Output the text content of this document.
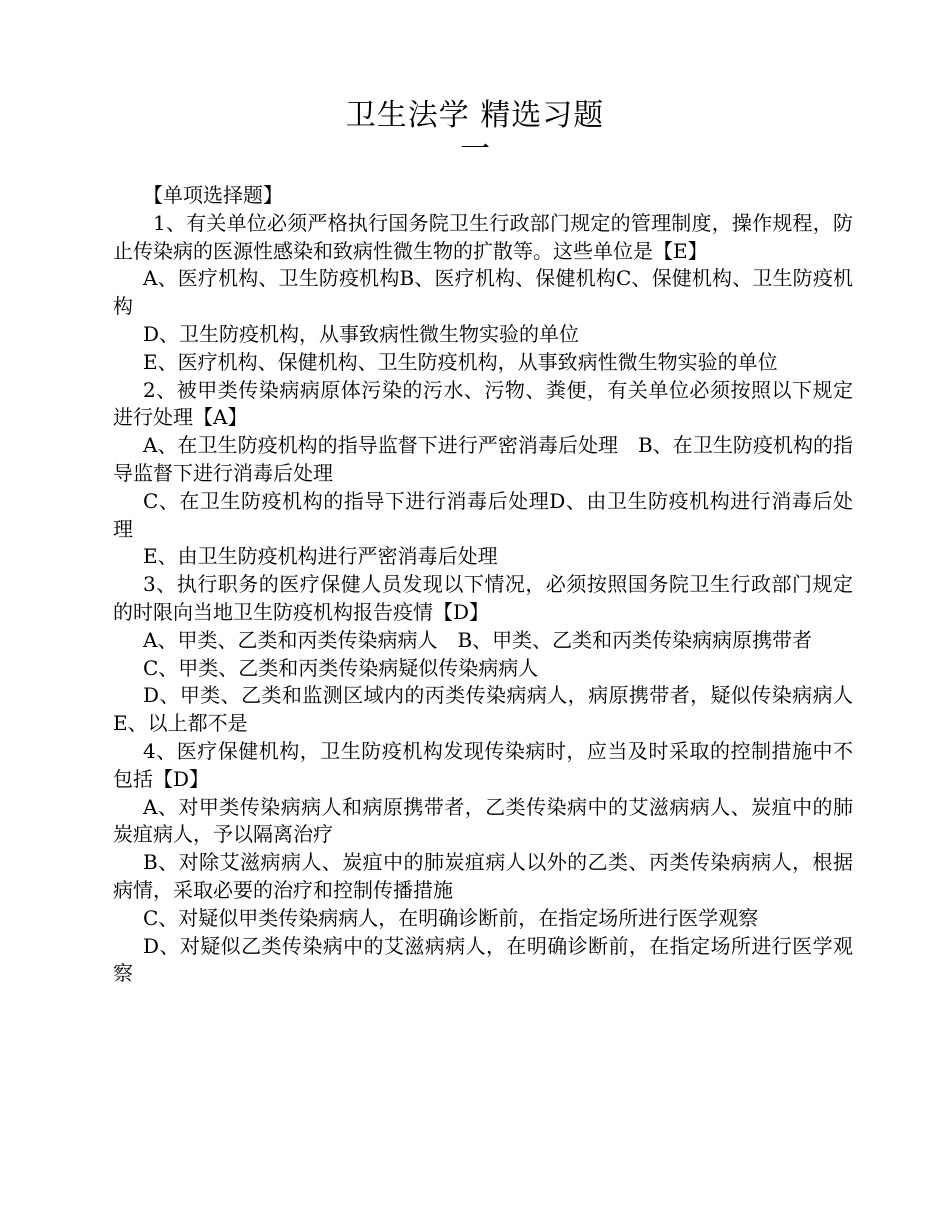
卫生法学 精选习题
一

【单项选择题】

1、有关单位必须严格执行国务院卫生行政部门规定的管理制度，操作规程，防止传染病的医源性感染和致病性微生物的扩散等。这些单位是【E】

A、医疗机构、卫生防疫机构B、医疗机构、保健机构C、保健机构、卫生防疫机构

D、卫生防疫机构，从事致病性微生物实验的单位

E、医疗机构、保健机构、卫生防疫机构，从事致病性微生物实验的单位

2、被甲类传染病病原体污染的污水、污物、粪便，有关单位必须按照以下规定进行处理【A】

A、在卫生防疫机构的指导监督下进行严密消毒后处理　B、在卫生防疫机构的指导监督下进行消毒后处理

C、在卫生防疫机构的指导下进行消毒后处理D、由卫生防疫机构进行消毒后处理

E、由卫生防疫机构进行严密消毒后处理

3、执行职务的医疗保健人员发现以下情况，必须按照国务院卫生行政部门规定的时限向当地卫生防疫机构报告疫情【D】

A、甲类、乙类和丙类传染病病人　B、甲类、乙类和丙类传染病病原携带者

C、甲类、乙类和丙类传染病疑似传染病病人

D、甲类、乙类和监测区域内的丙类传染病病人，病原携带者，疑似传染病病人　　E、以上都不是

4、医疗保健机构，卫生防疫机构发现传染病时，应当及时采取的控制措施中不包括【D】

A、对甲类传染病病人和病原携带者，乙类传染病中的艾滋病病人、炭疽中的肺炭疽病人，予以隔离治疗

B、对除艾滋病病人、炭疽中的肺炭疽病人以外的乙类、丙类传染病病人，根据病情，采取必要的治疗和控制传播措施

C、对疑似甲类传染病病人，在明确诊断前，在指定场所进行医学观察

D、对疑似乙类传染病中的艾滋病病人，在明确诊断前，在指定场所进行医学观察
